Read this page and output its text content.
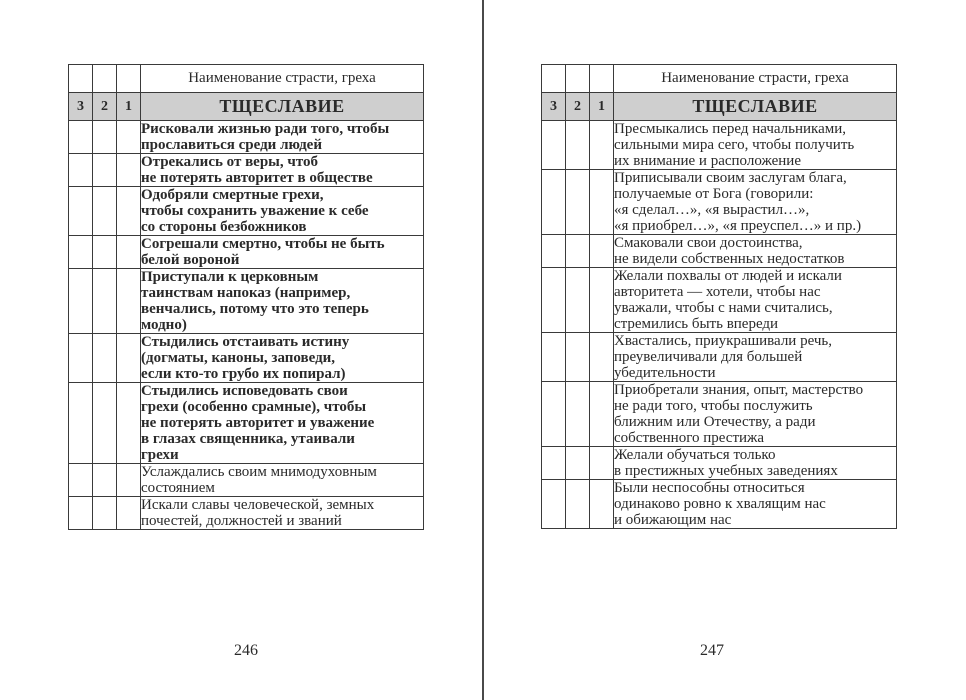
			Наименование страсти, греха
3	2	1	ТЩЕСЛАВИЕ

			Рисковали жизнью ради того, чтобы
прославиться среди людей

			Отрекались от веры, чтоб
не потерять авторитет в обществе

			Одобряли смертные грехи,
чтобы сохранить уважение к себе
со стороны безбожников

			Согрешали смертно, чтобы не быть
белой вороной

			Приступали к церковным
таинствам напоказ (например,
венчались, потому что это теперь
модно)

			Стыдились отстаивать истину
(догматы, каноны, заповеди,
если кто-то грубо их попирал)

			Стыдились исповедовать свои
грехи (особенно срамные), чтобы
не потерять авторитет и уважение
в глазах священника, утаивали
грехи

			Услаждались своим мнимодуховным
состоянием

			Искали славы человеческой, земных
почестей, должностей и званий
246
			Наименование страсти, греха
3	2	1	ТЩЕСЛАВИЕ

			Пресмыкались перед начальниками,
сильными мира сего, чтобы получить
их внимание и расположение

			Приписывали своим заслугам блага,
получаемые от Бога (говорили:
«я сделал…», «я вырастил…»,
«я приобрел…», «я преуспел…» и пр.)

			Смаковали свои достоинства,
не видели собственных недостатков

			Желали похвалы от людей и искали
авторитета — хотели, чтобы нас
уважали, чтобы с нами считались,
стремились быть впереди

			Хвастались, приукрашивали речь,
преувеличивали для большей
убедительности

			Приобретали знания, опыт, мастерство
не ради того, чтобы послужить
ближним или Отечеству, а ради
собственного престижа

			Желали обучаться только
в престижных учебных заведениях

			Были неспособны относиться
одинаково ровно к хвалящим нас
и обижающим нас
247
